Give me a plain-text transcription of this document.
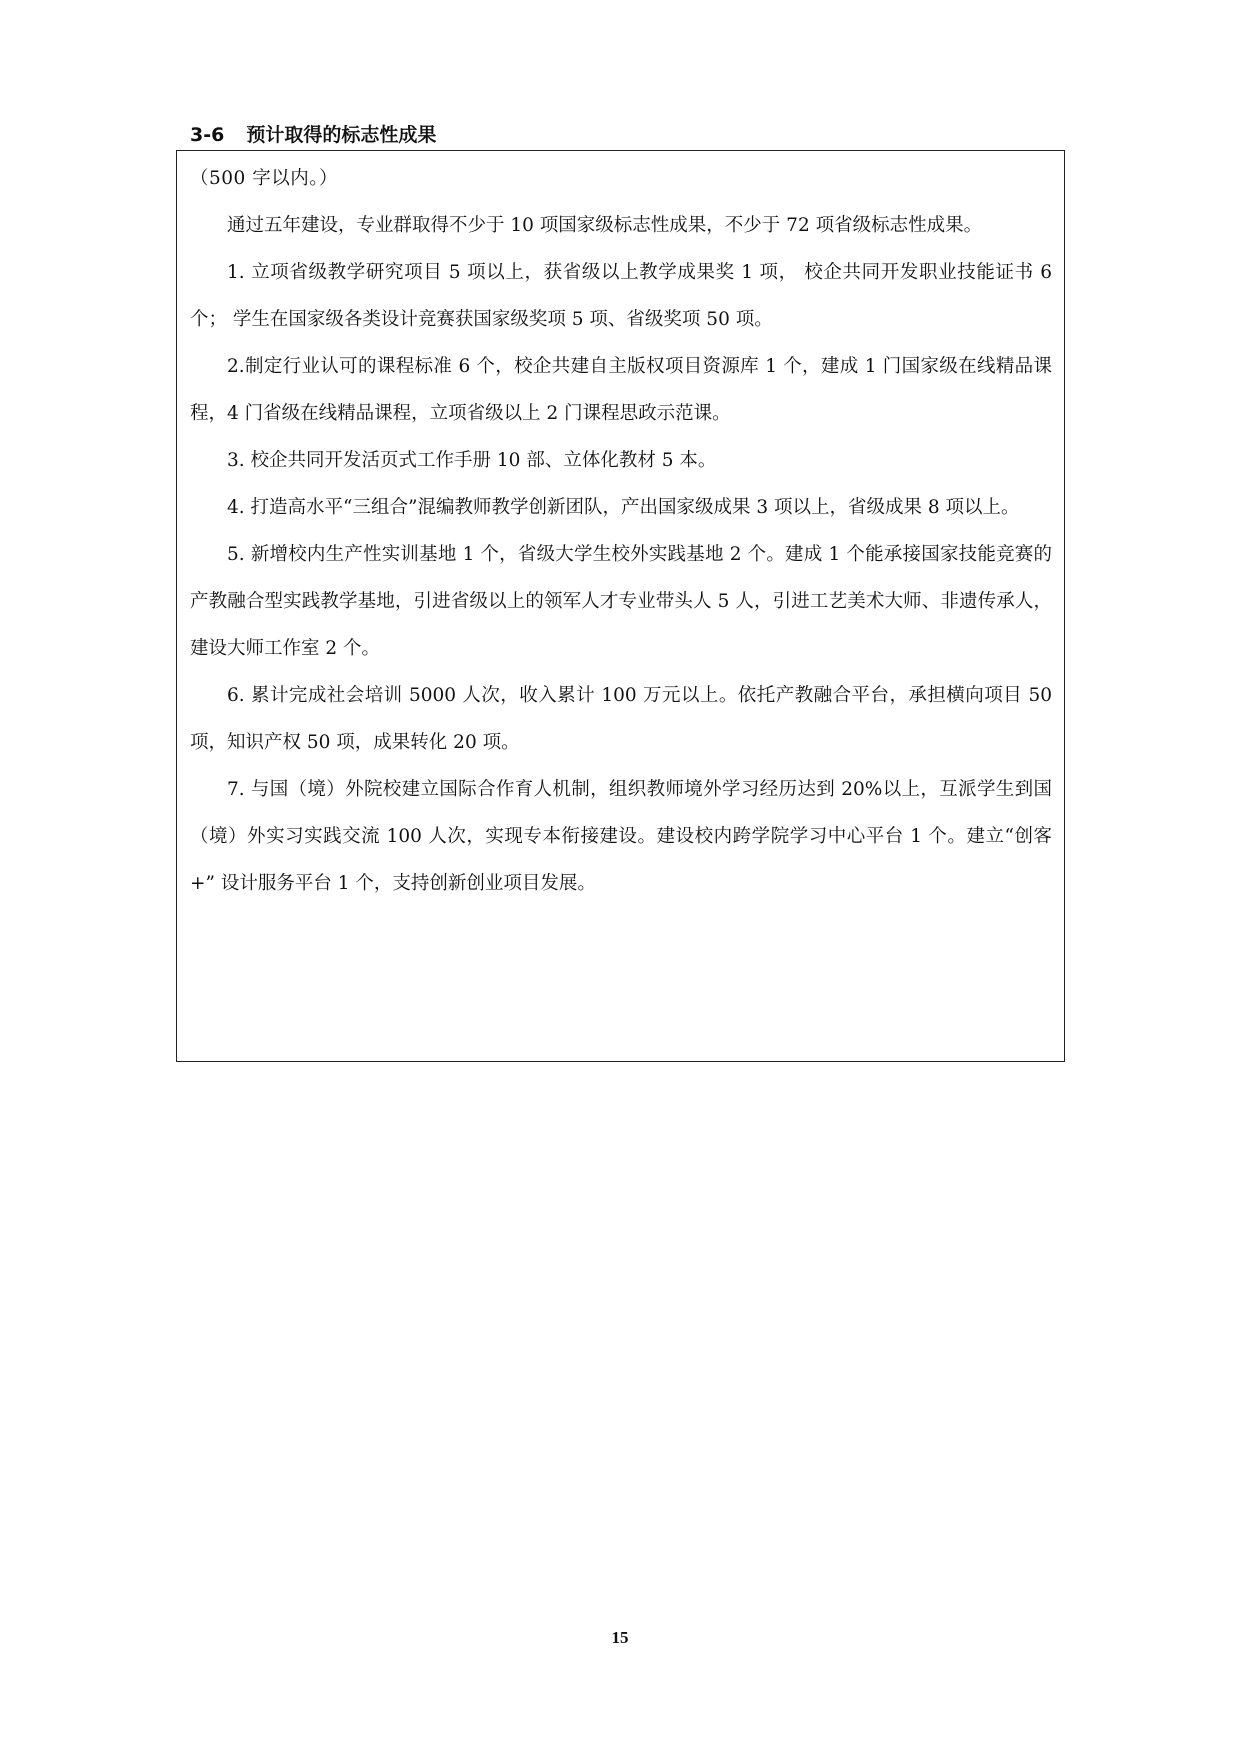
3-6 预计取得的标志性成果

（500 字以内。）

通过五年建设，专业群取得不少于 10 项国家级标志性成果，不少于 72 项省级标志性成果。

1. 立项省级教学研究项目 5 项以上，获省级以上教学成果奖 1 项， 校企共同开发职业技能证书 6 个； 学生在国家级各类设计竞赛获国家级奖项 5 项、省级奖项 50 项。

2.制定行业认可的课程标准 6 个，校企共建自主版权项目资源库 1 个，建成 1 门国家级在线精品课程，4 门省级在线精品课程，立项省级以上 2 门课程思政示范课。

3. 校企共同开发活页式工作手册 10 部、立体化教材 5 本。

4. 打造高水平“三组合”混编教师教学创新团队，产出国家级成果 3 项以上，省级成果 8 项以上。

5. 新增校内生产性实训基地 1 个，省级大学生校外实践基地 2 个。建成 1 个能承接国家技能竞赛的产教融合型实践教学基地，引进省级以上的领军人才专业带头人 5 人，引进工艺美术大师、非遗传承人，建设大师工作室 2 个。

6. 累计完成社会培训 5000 人次，收入累计 100 万元以上。依托产教融合平台，承担横向项目 50 项，知识产权 50 项，成果转化 20 项。

7. 与国（境）外院校建立国际合作育人机制，组织教师境外学习经历达到 20%以上，互派学生到国（境）外实习实践交流 100 人次，实现专本衔接建设。建设校内跨学院学习中心平台 1 个。建立“创客+” 设计服务平台 1 个，支持创新创业项目发展。

15
